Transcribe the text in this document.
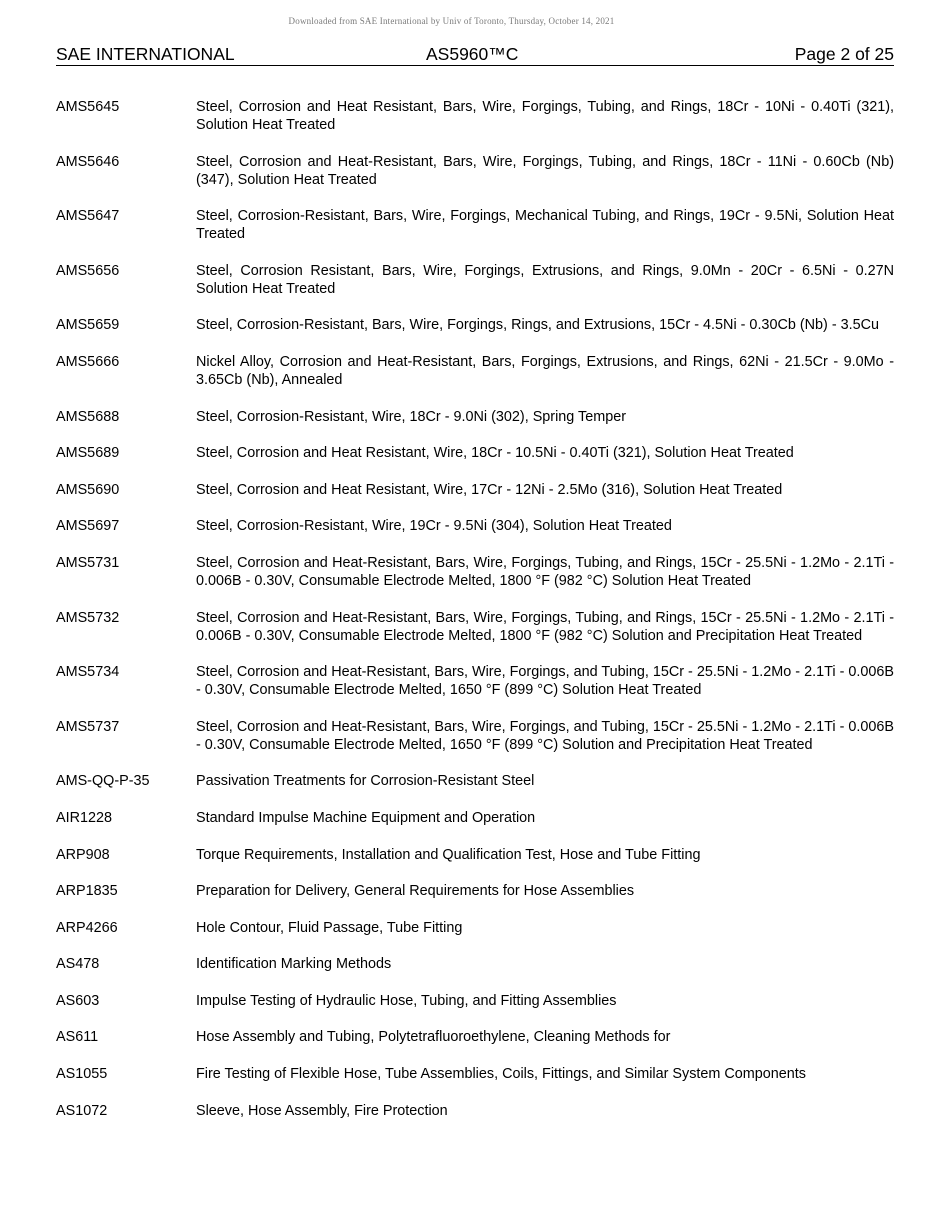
Downloaded from SAE International by Univ of Toronto, Thursday, October 14, 2021
SAE INTERNATIONAL	AS5960™C	Page 2 of 25
AMS5645	Steel, Corrosion and Heat Resistant, Bars, Wire, Forgings, Tubing, and Rings, 18Cr - 10Ni - 0.40Ti (321), Solution Heat Treated
AMS5646	Steel, Corrosion and Heat-Resistant, Bars, Wire, Forgings, Tubing, and Rings, 18Cr - 11Ni - 0.60Cb (Nb) (347), Solution Heat Treated
AMS5647	Steel, Corrosion-Resistant, Bars, Wire, Forgings, Mechanical Tubing, and Rings, 19Cr - 9.5Ni, Solution Heat Treated
AMS5656	Steel, Corrosion Resistant, Bars, Wire, Forgings, Extrusions, and Rings, 9.0Mn - 20Cr - 6.5Ni - 0.27N Solution Heat Treated
AMS5659	Steel, Corrosion-Resistant, Bars, Wire, Forgings, Rings, and Extrusions, 15Cr - 4.5Ni - 0.30Cb (Nb) - 3.5Cu
AMS5666	Nickel Alloy, Corrosion and Heat-Resistant, Bars, Forgings, Extrusions, and Rings, 62Ni - 21.5Cr - 9.0Mo - 3.65Cb (Nb), Annealed
AMS5688	Steel, Corrosion-Resistant, Wire, 18Cr - 9.0Ni (302), Spring Temper
AMS5689	Steel, Corrosion and Heat Resistant, Wire, 18Cr - 10.5Ni - 0.40Ti (321), Solution Heat Treated
AMS5690	Steel, Corrosion and Heat Resistant, Wire, 17Cr - 12Ni - 2.5Mo (316), Solution Heat Treated
AMS5697	Steel, Corrosion-Resistant, Wire, 19Cr - 9.5Ni (304), Solution Heat Treated
AMS5731	Steel, Corrosion and Heat-Resistant, Bars, Wire, Forgings, Tubing, and Rings, 15Cr - 25.5Ni - 1.2Mo - 2.1Ti - 0.006B - 0.30V, Consumable Electrode Melted, 1800 °F (982 °C) Solution Heat Treated
AMS5732	Steel, Corrosion and Heat-Resistant, Bars, Wire, Forgings, Tubing, and Rings, 15Cr - 25.5Ni - 1.2Mo - 2.1Ti - 0.006B - 0.30V, Consumable Electrode Melted, 1800 °F (982 °C) Solution and Precipitation Heat Treated
AMS5734	Steel, Corrosion and Heat-Resistant, Bars, Wire, Forgings, and Tubing, 15Cr - 25.5Ni - 1.2Mo - 2.1Ti - 0.006B - 0.30V, Consumable Electrode Melted, 1650 °F (899 °C) Solution Heat Treated
AMS5737	Steel, Corrosion and Heat-Resistant, Bars, Wire, Forgings, and Tubing, 15Cr - 25.5Ni - 1.2Mo - 2.1Ti - 0.006B - 0.30V, Consumable Electrode Melted, 1650 °F (899 °C) Solution and Precipitation Heat Treated
AMS-QQ-P-35	Passivation Treatments for Corrosion-Resistant Steel
AIR1228	Standard Impulse Machine Equipment and Operation
ARP908	Torque Requirements, Installation and Qualification Test, Hose and Tube Fitting
ARP1835	Preparation for Delivery, General Requirements for Hose Assemblies
ARP4266	Hole Contour, Fluid Passage, Tube Fitting
AS478	Identification Marking Methods
AS603	Impulse Testing of Hydraulic Hose, Tubing, and Fitting Assemblies
AS611	Hose Assembly and Tubing, Polytetrafluoroethylene, Cleaning Methods for
AS1055	Fire Testing of Flexible Hose, Tube Assemblies, Coils, Fittings, and Similar System Components
AS1072	Sleeve, Hose Assembly, Fire Protection
